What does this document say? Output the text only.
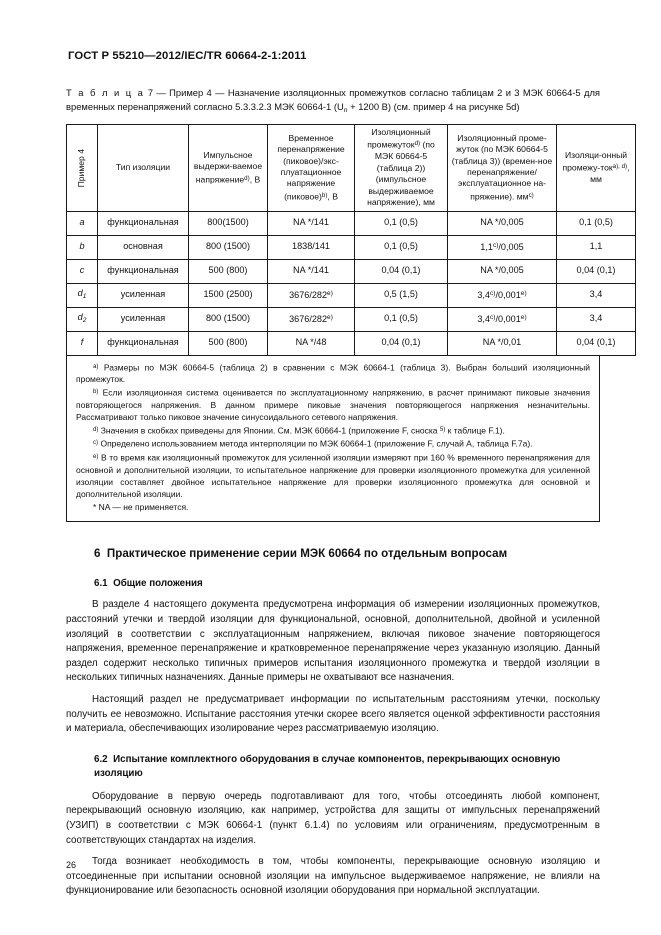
ГОСТ Р 55210—2012/IEC/TR 60664-2-1:2011
Т а б л и ц а 7 — Пример 4 — Назначение изоляционных промежутков согласно таблицам 2 и 3 МЭК 60664-5 для временных перенапряжений согласно 5.3.3.2.3 МЭК 60664-1 ($U_n + 1200$ В) (см. пример 4 на рисунке 5d)
Пример 4	Тип изоляции	Импульсное выдержи-ваемое напряжение$^{d)}$, В	Временное перенапряжение (пиковое)/экс-плуатационное напряжение (пиковое)$^{b)}$, В	Изоляционный промежуток$^{d)}$ (по МЭК 60664-5 (таблица 2)) (импульсное выдерживаемое напряжение), мм	Изоляционный проме-жуток (по МЭК 60664-5 (таблица 3)) (времен-ное перенапряжение/ эксплуатационное на-пряжение). $мм^{c)}$	Изоляци-онный промежу-ток$^{a), d)}$, мм
a	функциональная	800(1500)	NA */141	0,1 (0,5)	NA */0,005	0,1 (0,5)
b	основная	800 (1500)	1838/141	0,1 (0,5)	1,1$^{c)}$/0,005	1,1
c	функциональная	500 (800)	NA */141	0,04 (0,1)	NA */0,005	0,04 (0,1)
$d_1$	усиленная	1500 (2500)	3676/282$^{e)}$	0,5 (1,5)	3,4$^{c)}$/0,001$^{e)}$	3,4
$d_2$	усиленная	800 (1500)	3676/282$^{e)}$	0,1 (0,5)	3,4$^{c)}$/0,001$^{e)}$	3,4
f	функциональная	500 (800)	NA */48	0,04 (0,1)	NA */0,01	0,04 (0,1)

$^{a)}$ Размеры по МЭК 60664-5 (таблица 2) в сравнении с МЭК 60664-1 (таблица 3). Выбран больший изоляционный промежуток.

$^{b)}$ Если изоляционная система оценивается по эксплуатационному напряжению, в расчет принимают пиковые значения повторяющегося напряжения. В данном примере пиковые значения повторяющегося напряжения незначительны. Рассматривают только пиковое значение синусоидального сетевого напряжения.

$^{d)}$ Значения в скобках приведены для Японии. См. МЭК 60664-1 (приложение F, сноска $^{5)}$ к таблице F.1).

$^{c)}$ Определено использованием метода интерполяции по МЭК 60664-1 (приложение F, случай А, таблица F.7a).

$^{e)}$ В то время как изоляционный промежуток для усиленной изоляции измеряют при 160 % временного перенапряжения для основной и дополнительной изоляции, то испытательное напряжение для проверки изоляционного промежутка для усиленной изоляции составляет двойное испытательное напряжение для проверки изоляционного промежутка для основной и дополнительной изоляции.

* NA — не применяется.

6 Практическое применение серии МЭК 60664 по отдельным вопросам
6.1 Общие положения

В разделе 4 настоящего документа предусмотрена информация об измерении изоляционных промежутков, расстояний утечки и твердой изоляции для функциональной, основной, дополнительной, двойной и усиленной изоляций в соответствии с эксплуатационным напряжением, включая пиковое значение повторяющегося напряжения, временное перенапряжение и кратковременное перенапряжение через указанную изоляцию. Данный раздел содержит несколько типичных примеров испытания изоляционного промежутка и твердой изоляции в нескольких типичных назначениях. Данные примеры не охватывают все назначения.

Настоящий раздел не предусматривает информации по испытательным расстояниям утечки, поскольку получить ее невозможно. Испытание расстояния утечки скорее всего является оценкой эффективности расстояния и материала, обеспечивающих изолирование через рассматриваемую изоляцию.

6.2 Испытание комплектного оборудования в случае компонентов, перекрывающих основную изоляцию

Оборудование в первую очередь подготавливают для того, чтобы отсоединять любой компонент, перекрывающий основную изоляцию, как например, устройства для защиты от импульсных перенапряжений (УЗИП) в соответствии с МЭК 60664-1 (пункт 6.1.4) по условиям или ограничениям, предусмотренным в соответствующих стандартах на изделия.

Тогда возникает необходимость в том, чтобы компоненты, перекрывающие основную изоляцию и отсоединенные при испытании основной изоляции на импульсное выдерживаемое напряжение, не влияли на функционирование или безопасность основной изоляции оборудования при нормальной эксплуатации.

26
